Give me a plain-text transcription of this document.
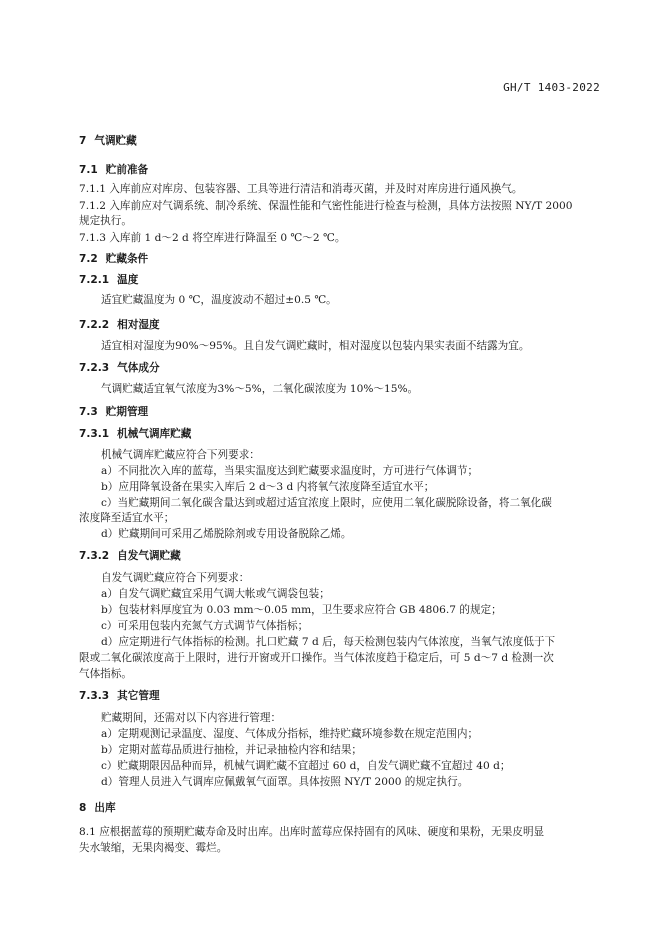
GH/T 1403-2022
7 气调贮藏
7.1 贮前准备
7.1.1 入库前应对库房、包装容器、工具等进行清洁和消毒灭菌，并及时对库房进行通风换气。
7.1.2 入库前应对气调系统、制冷系统、保温性能和气密性能进行检查与检测，具体方法按照 NY/T 2000
规定执行。
7.1.3 入库前 1 d～2 d 将空库进行降温至 0 ℃～2 ℃。
7.2 贮藏条件
7.2.1 温度
适宜贮藏温度为 0 ℃，温度波动不超过±0.5 ℃。
7.2.2 相对湿度
适宜相对湿度为90%～95%。且自发气调贮藏时，相对湿度以包装内果实表面不结露为宜。
7.2.3 气体成分
气调贮藏适宜氧气浓度为3%～5%，二氧化碳浓度为 10%～15%。
7.3 贮期管理
7.3.1 机械气调库贮藏
机械气调库贮藏应符合下列要求：
a）不同批次入库的蓝莓，当果实温度达到贮藏要求温度时，方可进行气体调节；
b）应用降氧设备在果实入库后 2 d～3 d 内将氧气浓度降至适宜水平；
c）当贮藏期间二氧化碳含量达到或超过适宜浓度上限时，应使用二氧化碳脱除设备，将二氧化碳
浓度降至适宜水平；
d）贮藏期间可采用乙烯脱除剂或专用设备脱除乙烯。
7.3.2 自发气调贮藏
自发气调贮藏应符合下列要求：
a）自发气调贮藏宜采用气调大帐或气调袋包装；
b）包装材料厚度宜为 0.03 mm～0.05 mm，卫生要求应符合 GB 4806.7 的规定；
c）可采用包装内充氮气方式调节气体指标；
d）应定期进行气体指标的检测。扎口贮藏 7 d 后，每天检测包装内气体浓度，当氧气浓度低于下
限或二氧化碳浓度高于上限时，进行开窗或开口操作。当气体浓度趋于稳定后，可 5 d～7 d 检测一次
气体指标。
7.3.3 其它管理
贮藏期间，还需对以下内容进行管理：
a）定期观测记录温度、湿度、气体成分指标，维持贮藏环境参数在规定范围内；
b）定期对蓝莓品质进行抽检，并记录抽检内容和结果；
c）贮藏期限因品种而异，机械气调贮藏不宜超过 60 d，自发气调贮藏不宜超过 40 d；
d）管理人员进入气调库应佩戴氧气面罩。具体按照 NY/T 2000 的规定执行。
8 出库
8.1 应根据蓝莓的预期贮藏寿命及时出库。出库时蓝莓应保持固有的风味、硬度和果粉，无果皮明显
失水皱缩，无果肉褐变、霉烂。
